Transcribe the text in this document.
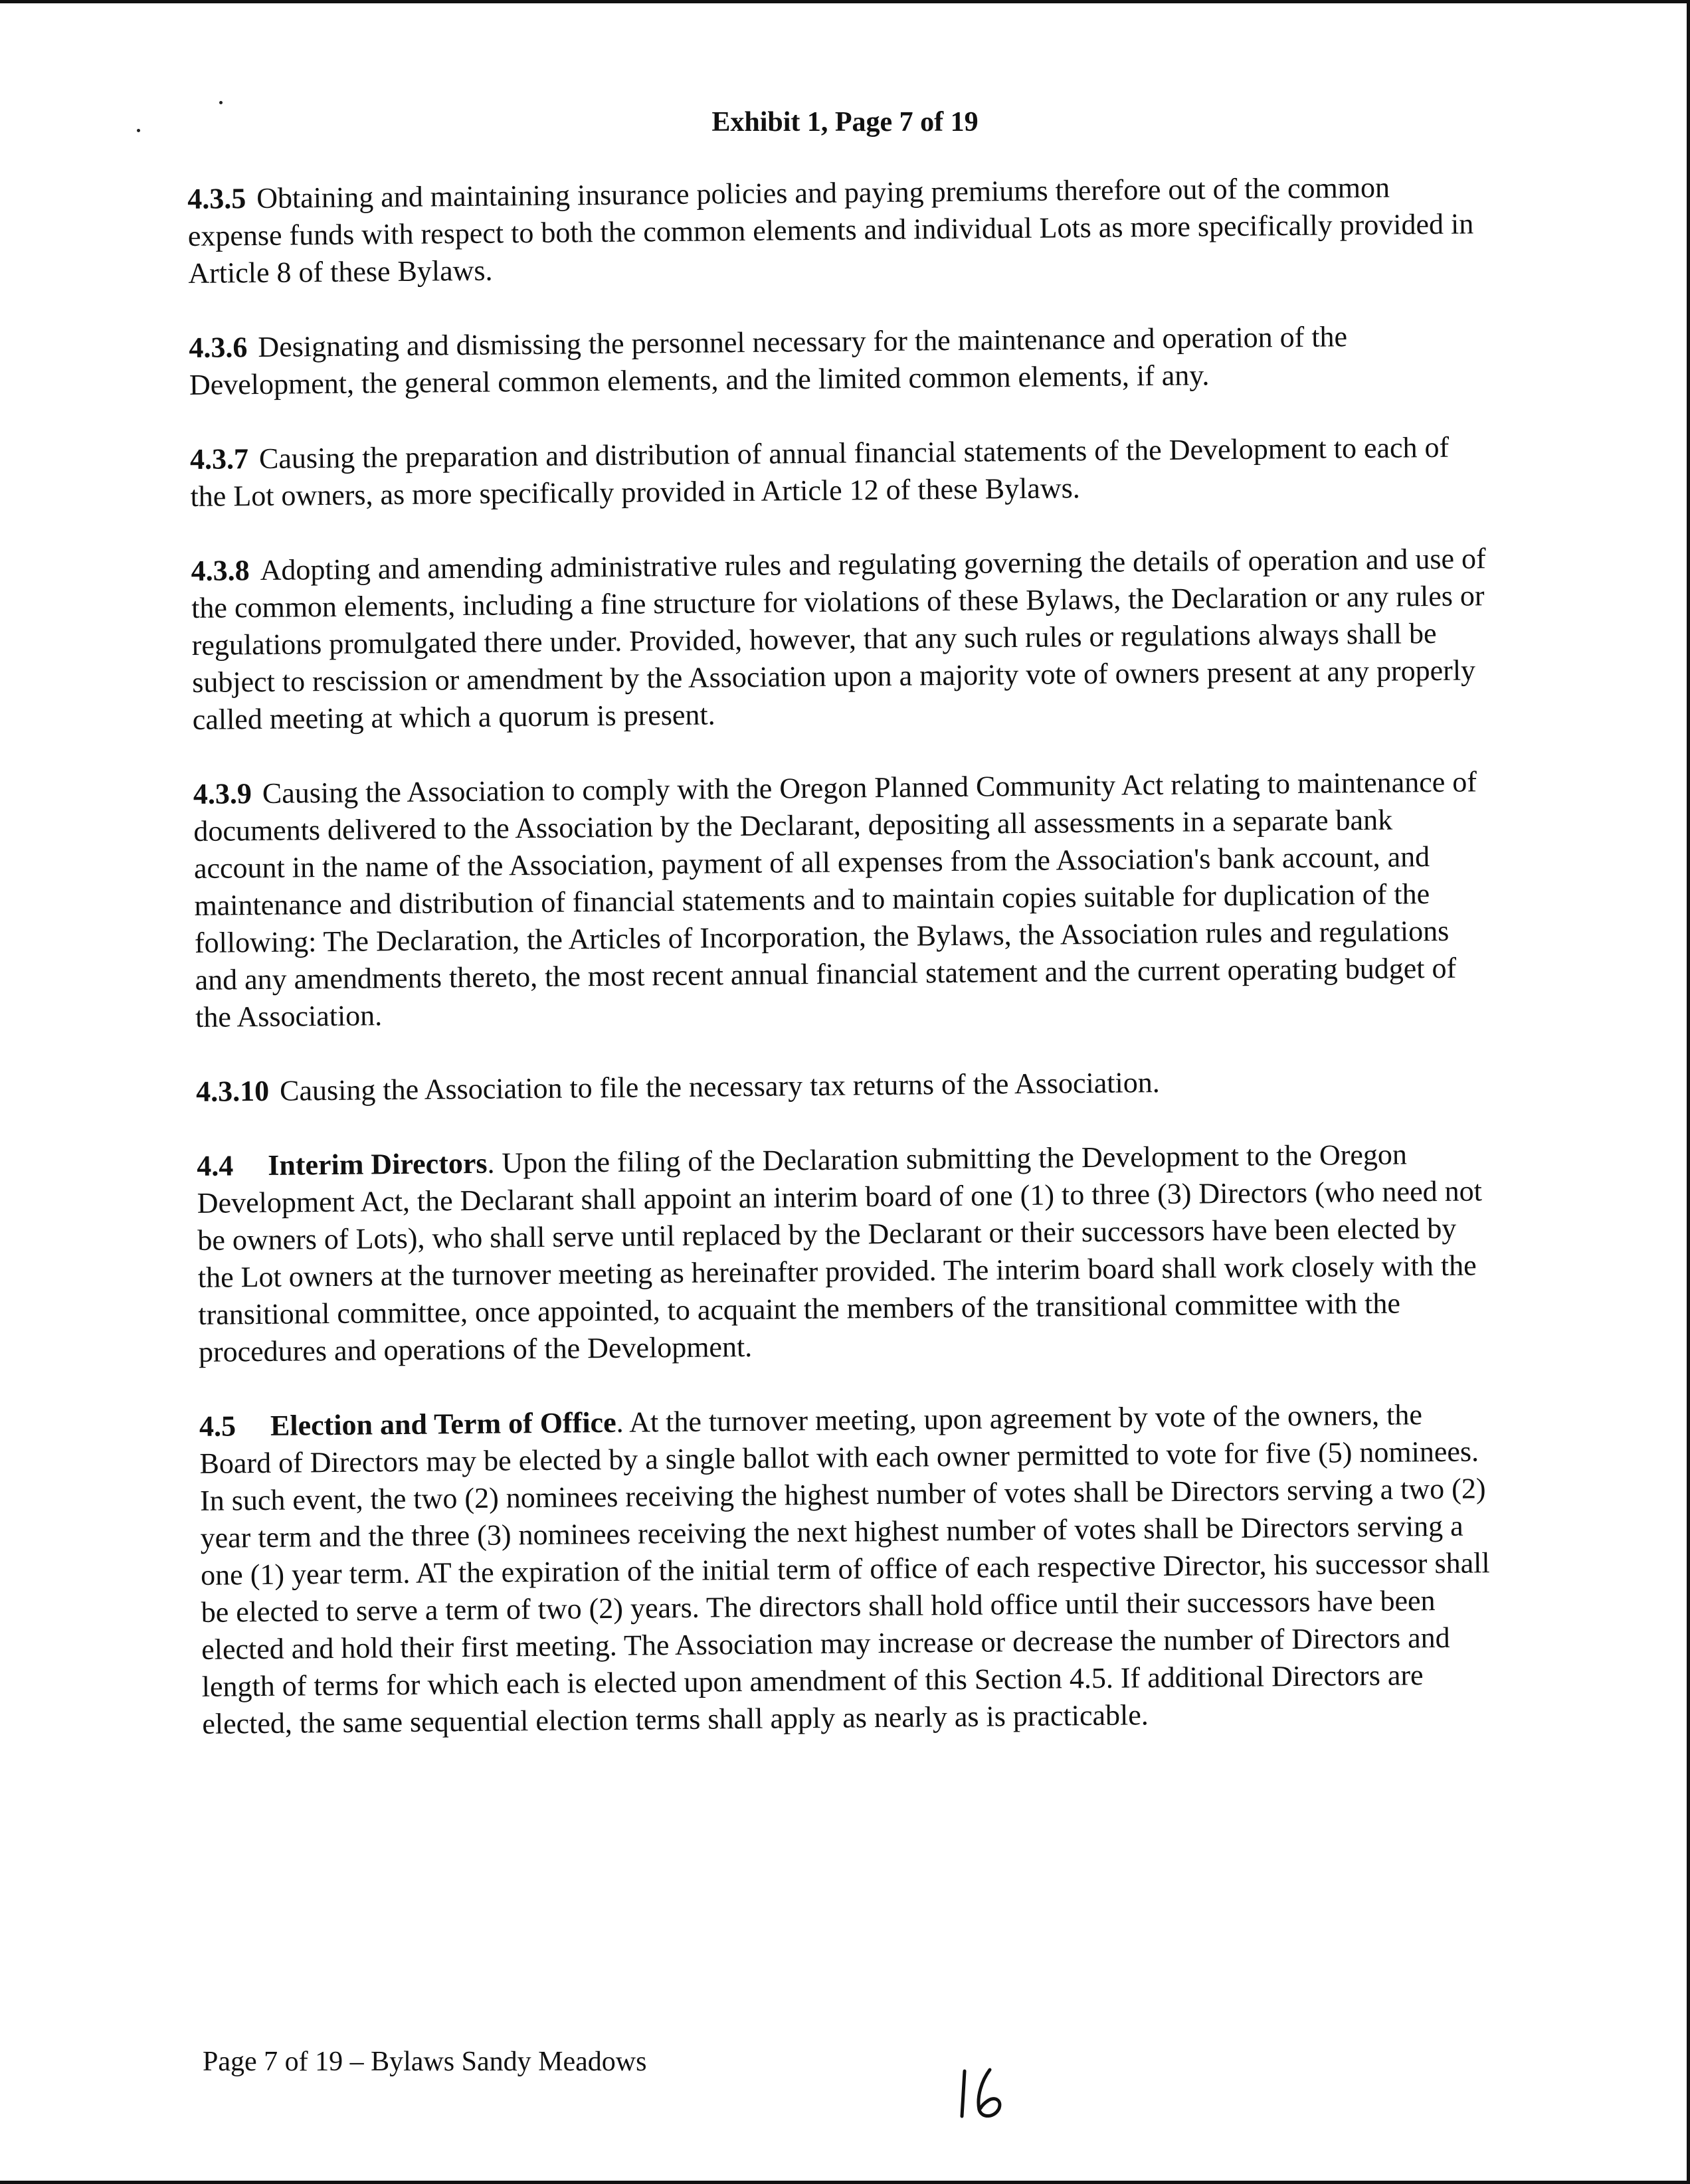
Exhibit 1, Page 7 of 19

4.3.5 Obtaining and maintaining insurance policies and paying premiums therefore out of the common expense funds with respect to both the common elements and individual Lots as more specifically provided in Article 8 of these Bylaws.

4.3.6 Designating and dismissing the personnel necessary for the maintenance and operation of the Development, the general common elements, and the limited common elements, if any.

4.3.7 Causing the preparation and distribution of annual financial statements of the Development to each of the Lot owners, as more specifically provided in Article 12 of these Bylaws.

4.3.8 Adopting and amending administrative rules and regulating governing the details of operation and use of the common elements, including a fine structure for violations of these Bylaws, the Declaration or any rules or regulations promulgated there under. Provided, however, that any such rules or regulations always shall be subject to rescission or amendment by the Association upon a majority vote of owners present at any properly called meeting at which a quorum is present.

4.3.9 Causing the Association to comply with the Oregon Planned Community Act relating to maintenance of documents delivered to the Association by the Declarant, depositing all assessments in a separate bank account in the name of the Association, payment of all expenses from the Association's bank account, and maintenance and distribution of financial statements and to maintain copies suitable for duplication of the following: The Declaration, the Articles of Incorporation, the Bylaws, the Association rules and regulations and any amendments thereto, the most recent annual financial statement and the current operating budget of the Association.

4.3.10 Causing the Association to file the necessary tax returns of the Association.

4.4 Interim Directors. Upon the filing of the Declaration submitting the Development to the Oregon Development Act, the Declarant shall appoint an interim board of one (1) to three (3) Directors (who need not be owners of Lots), who shall serve until replaced by the Declarant or their successors have been elected by the Lot owners at the turnover meeting as hereinafter provided. The interim board shall work closely with the transitional committee, once appointed, to acquaint the members of the transitional committee with the procedures and operations of the Development.

4.5 Election and Term of Office. At the turnover meeting, upon agreement by vote of the owners, the Board of Directors may be elected by a single ballot with each owner permitted to vote for five (5) nominees. In such event, the two (2) nominees receiving the highest number of votes shall be Directors serving a two (2) year term and the three (3) nominees receiving the next highest number of votes shall be Directors serving a one (1) year term. AT the expiration of the initial term of office of each respective Director, his successor shall be elected to serve a term of two (2) years. The directors shall hold office until their successors have been elected and hold their first meeting. The Association may increase or decrease the number of Directors and length of terms for which each is elected upon amendment of this Section 4.5. If additional Directors are elected, the same sequential election terms shall apply as nearly as is practicable.

Page 7 of 19 – Bylaws Sandy Meadows
